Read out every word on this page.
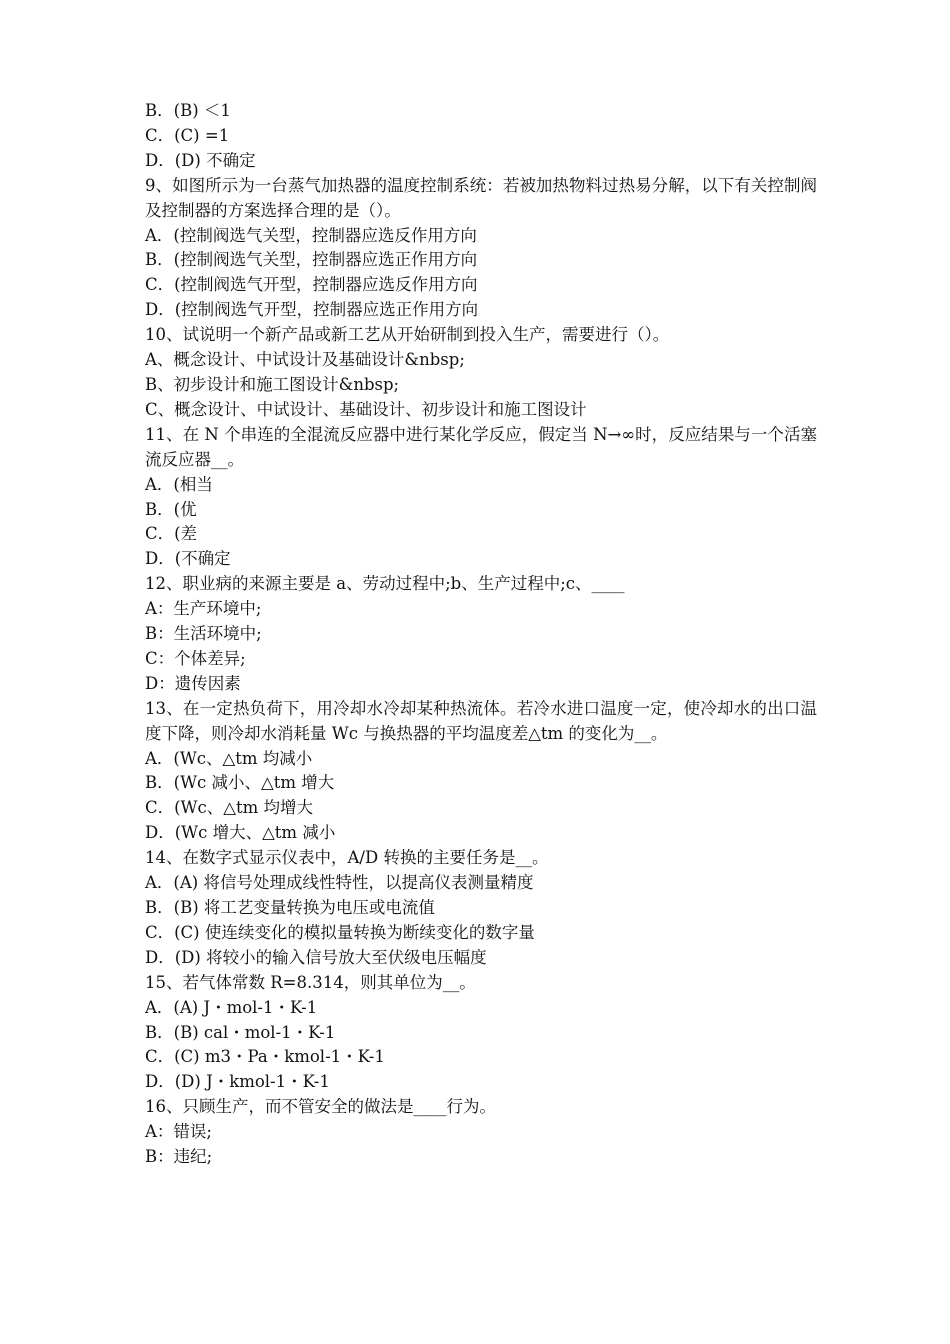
B．(B) ＜1

C．(C) =1

D．(D) 不确定

9、如图所示为一台蒸气加热器的温度控制系统：若被加热物料过热易分解，以下有关控制阀及控制器的方案选择合理的是（）。

A．(控制阀选气关型，控制器应选反作用方向

B．(控制阀选气关型，控制器应选正作用方向

C．(控制阀选气开型，控制器应选反作用方向

D．(控制阀选气开型，控制器应选正作用方向

10、试说明一个新产品或新工艺从开始研制到投入生产，需要进行（）。

A、概念设计、中试设计及基础设计&nbsp;

B、初步设计和施工图设计&nbsp;

C、概念设计、中试设计、基础设计、初步设计和施工图设计

11、在 N 个串连的全混流反应器中进行某化学反应，假定当 N→∞时，反应结果与一个活塞流反应器__。

A．(相当

B．(优

C．(差

D．(不确定

12、职业病的来源主要是 a、劳动过程中;b、生产过程中;c、____

A：生产环境中;

B：生活环境中;

C：个体差异;

D：遗传因素

13、在一定热负荷下，用冷却水冷却某种热流体。若冷水进口温度一定，使冷却水的出口温度下降，则冷却水消耗量 Wc 与换热器的平均温度差△tm 的变化为__。

A．(Wc、△tm 均减小

B．(Wc 减小、△tm 增大

C．(Wc、△tm 均增大

D．(Wc 增大、△tm 减小

14、在数字式显示仪表中，A/D 转换的主要任务是__。

A．(A) 将信号处理成线性特性，以提高仪表测量精度

B．(B) 将工艺变量转换为电压或电流值

C．(C) 使连续变化的模拟量转换为断续变化的数字量

D．(D) 将较小的输入信号放大至伏级电压幅度

15、若气体常数 R=8.314，则其单位为__。

A．(A) J・mol-1・K-1

B．(B) cal・mol-1・K-1

C．(C) m3・Pa・kmol-1・K-1

D．(D) J・kmol-1・K-1

16、只顾生产，而不管安全的做法是____行为。

A：错误;

B：违纪;
